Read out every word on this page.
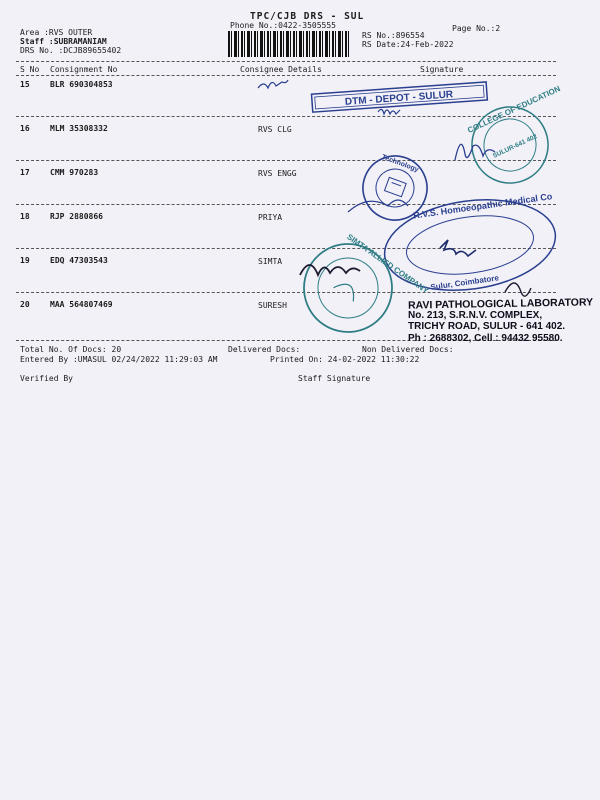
TPC/CJB DRS - SUL
Phone No.:0422-3505555	Page No.:2
Area :RVS OUTER
Staff :SUBRAMANIAM
DRS No. :DCJB89655402
RS No.:896554
RS Date:24-Feb-2022
S No Consignment No	Consignee Details	Signature
15	BLR 690304853
16	MLM 35308332	RVS CLG
17	CMM 970283	RVS ENGG
18	RJP 2880866	PRIYA
19	EDQ 47303543	SIMTA
20	MAA 564807469	SURESH
Total No. Of Docs: 20	Delivered Docs:	Non Delivered Docs:
Entered By :UMASUL 02/24/2022 11:29:03 AM	Printed On: 24-02-2022 11:30:22
Verified By	Staff Signature
DTM - DEPOT - SULUR COLLEGE OF EDUCATION
SULUR-641 402
Technology
R.V.S. Homoeopathic Medical Co
Sulur, Coimbatore
SIMTA ALLIED COMPANY
RAVI PATHOLOGICAL LABORATORY
No. 213, S.R.N.V. COMPLEX,
TRICHY ROAD, SULUR - 641 402.
Ph : 2688302, Cell : 94432 95580.
